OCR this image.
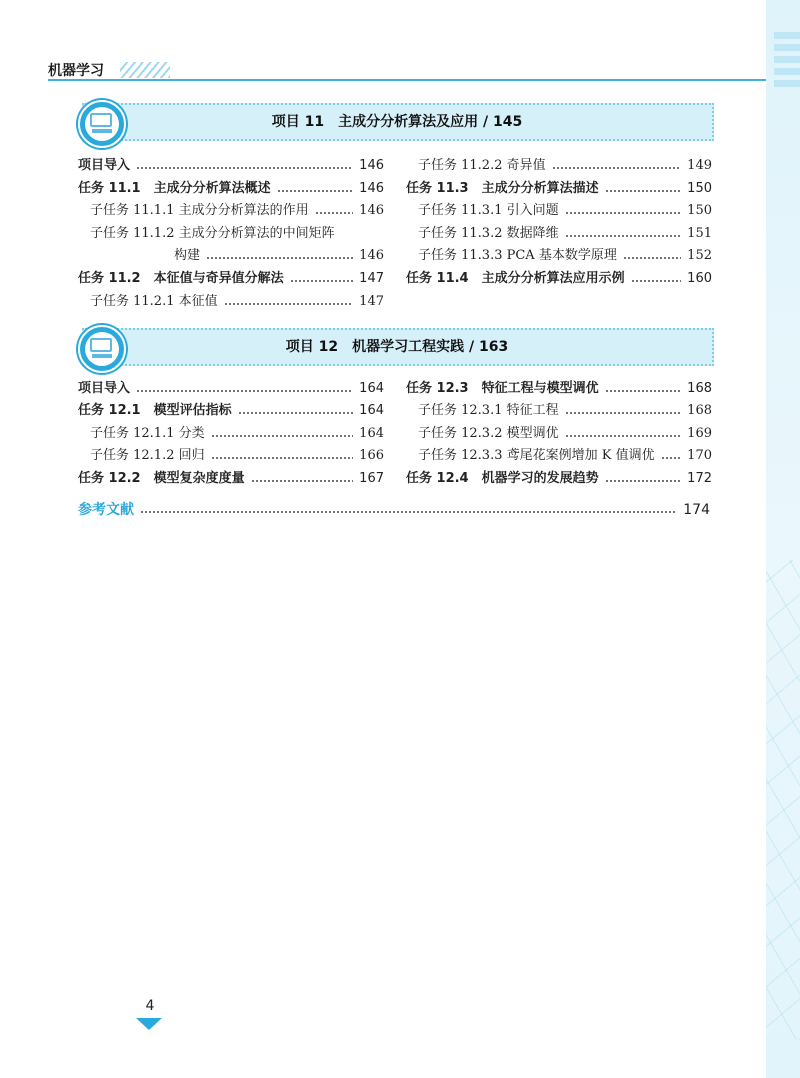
机器学习
项目 11　主成分分析算法及应用 / 145
项目 12　机器学习工程实践 / 163
项目导入	146
任务 11.1　主成分分析算法概述	146
子任务 11.1.1 主成分分析算法的作用	146
子任务 11.1.2 主成分分析算法的中间矩阵
构建	146
任务 11.2　本征值与奇异值分解法	147
子任务 11.2.1 本征值	147
子任务 11.2.2 奇异值	149
任务 11.3　主成分分析算法描述	150
子任务 11.3.1 引入问题	150
子任务 11.3.2 数据降维	151
子任务 11.3.3 PCA 基本数学原理	152
任务 11.4　主成分分析算法应用示例	160
项目导入	164
任务 12.1　模型评估指标	164
子任务 12.1.1 分类	164
子任务 12.1.2 回归	166
任务 12.2　模型复杂度度量	167
任务 12.3　特征工程与模型调优	168
子任务 12.3.1 特征工程	168
子任务 12.3.2 模型调优	169
子任务 12.3.3 鸢尾花案例增加 K 值调优	170
任务 12.4　机器学习的发展趋势	172
参考文献	174
4
